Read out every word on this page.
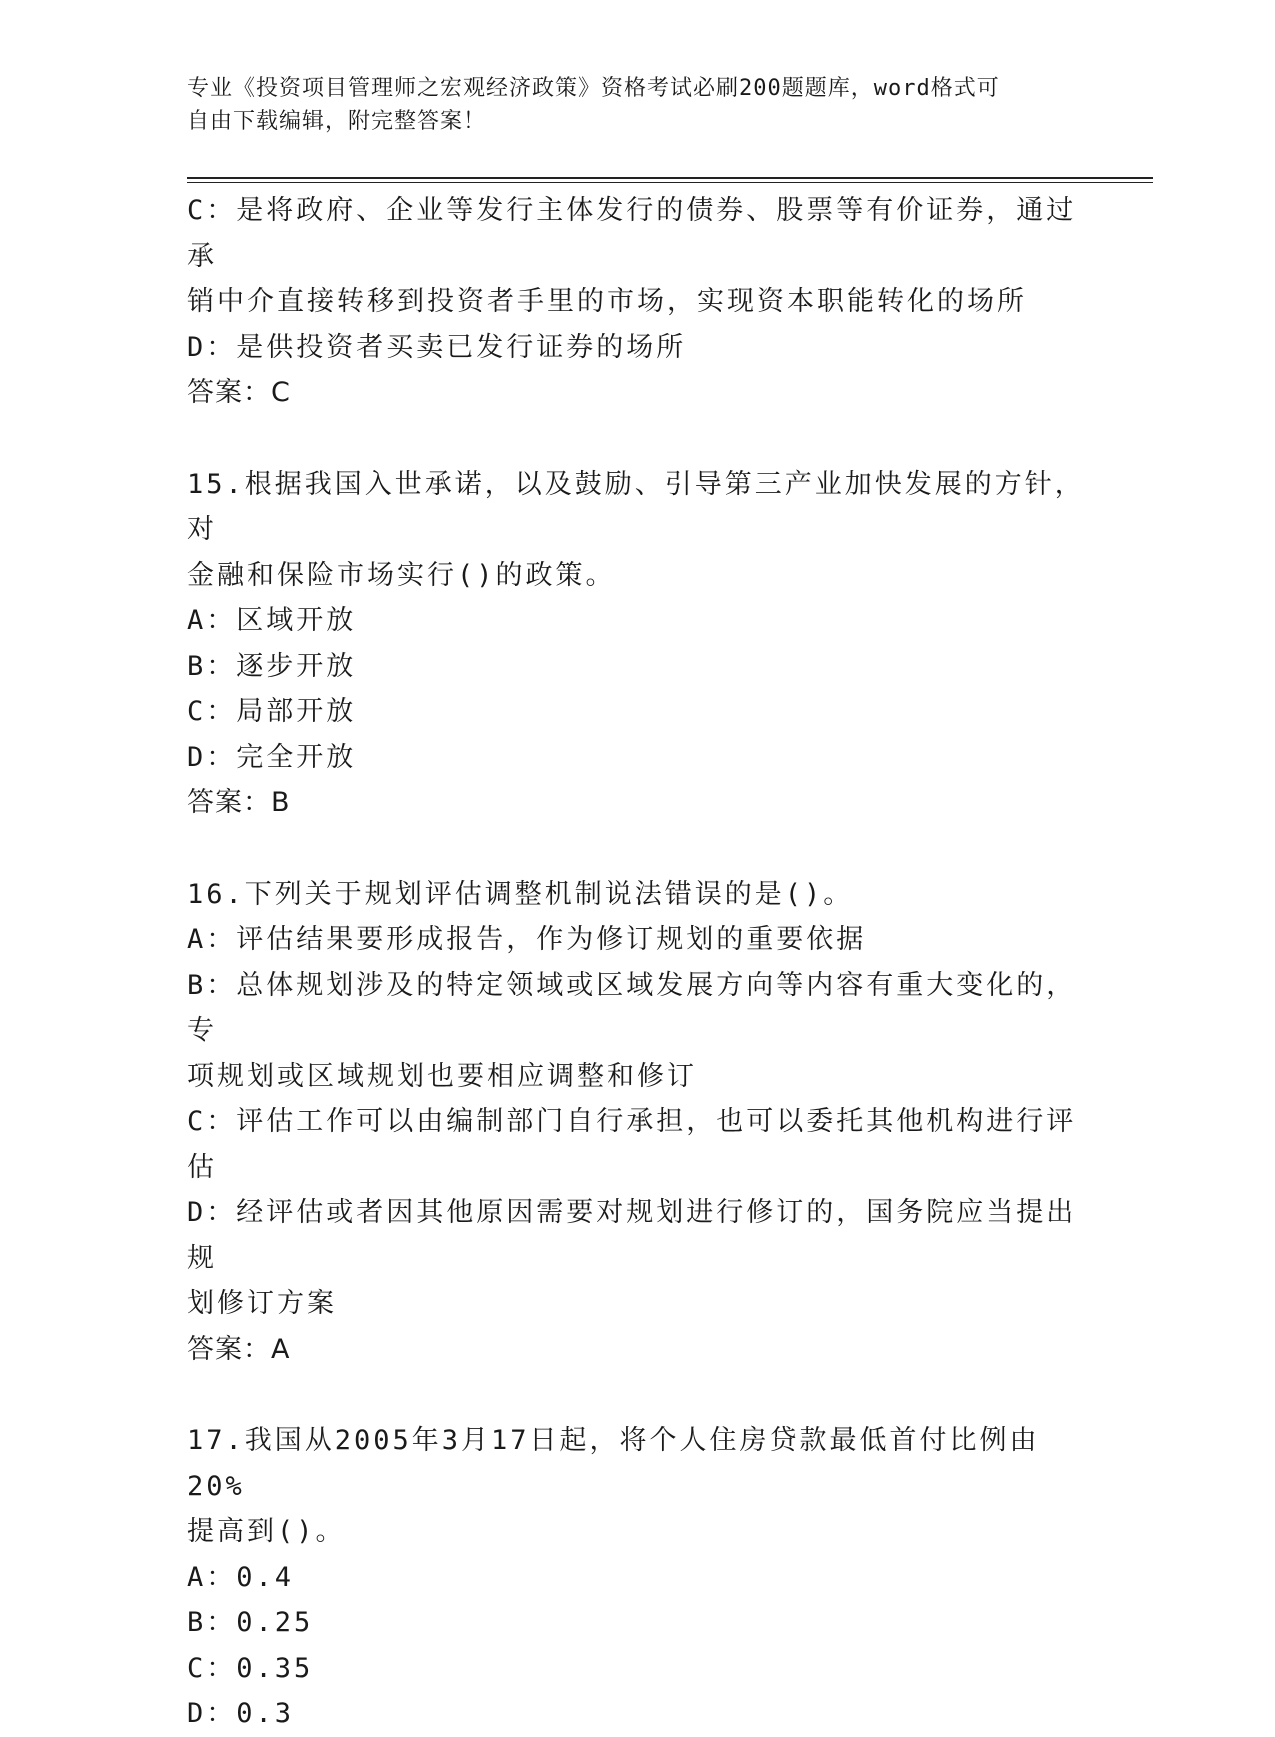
专业《投资项目管理师之宏观经济政策》资格考试必刷200题题库，word格式可
自由下载编辑，附完整答案！
C：是将政府、企业等发行主体发行的债券、股票等有价证券，通过承
销中介直接转移到投资者手里的市场，实现资本职能转化的场所
D：是供投资者买卖已发行证券的场所
答案：C
15.根据我国入世承诺，以及鼓励、引导第三产业加快发展的方针，对
金融和保险市场实行()的政策。
A：区域开放
B：逐步开放
C：局部开放
D：完全开放
答案：B
16.下列关于规划评估调整机制说法错误的是()。
A：评估结果要形成报告，作为修订规划的重要依据
B：总体规划涉及的特定领域或区域发展方向等内容有重大变化的，专
项规划或区域规划也要相应调整和修订
C：评估工作可以由编制部门自行承担，也可以委托其他机构进行评估
D：经评估或者因其他原因需要对规划进行修订的，国务院应当提出规
划修订方案
答案：A
17.我国从2005年3月17日起，将个人住房贷款最低首付比例由20%
提高到()。
A：0.4
B：0.25
C：0.35
D：0.3
